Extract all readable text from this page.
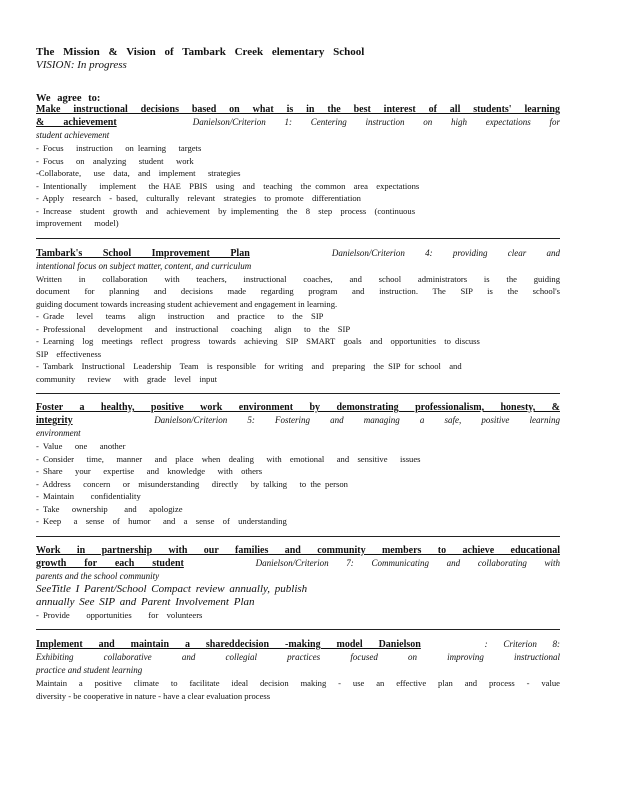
The Mission & Vision of Tambark Creek elementary School
VISION: In progress
We agree to:
Make instructional decisions based on what is in the best interest of all students' learning
& achievement	Danielson/Criterion 1: Centering instruction on high expectations for
student achievement
- Focus   instruction   on learning   targets
- Focus   on  analyzing   student   work
-Collaborate,   use  data,  and  implement   strategies
- Intentionally   implement   the HAE  PBIS  using  and  teaching  the common  area  expectations
- Apply  research  - based,  culturally  relevant  strategies  to promote  differentiation
- Increase  student  growth  and  achievement  by implementing  the  8  step  process  (continuous
improvement   model)
Tambark's School Improvement Plan	Danielson/Criterion 4: providing clear and
intentional focus on subject matter, content, and curriculum
Written in collaboration with teachers, instructional coaches, and school administrators is the guiding
document for planning and decisions made regarding program and instruction. The SIP is the school's
guiding document towards increasing student achievement and engagement in learning.
- Grade   level   teams   align   instruction   and  practice   to  the  SIP
- Professional   development   and  instructional   coaching   align   to  the  SIP
- Learning  log  meetings  reflect  progress  towards  achieving  SIP  SMART  goals  and  opportunities  to discuss
SIP  effectiveness
- Tambark  Instructional  Leadership  Team  is responsible  for writing  and  preparing  the SIP for school  and
community   review   with  grade  level  input
Foster a healthy, positive work environment by demonstrating professionalism, honesty, &
integrity	Danielson/Criterion 5: Fostering and managing a safe, positive learning
environment
- Value   one   another
- Consider   time,   manner   and  place  when  dealing   with  emotional   and  sensitive   issues
- Share   your   expertise   and  knowledge   with  others
- Address   concern   or  misunderstanding   directly   by talking   to the person
- Maintain    confidentiality
- Take   ownership    and   apologize
- Keep   a  sense  of  humor   and  a  sense  of  understanding
Work in partnership with our families and community members to achieve educational
growth for each student	Danielson/Criterion 7: Communicating and collaborating with
parents and the school community
SeeTitle I Parent/School Compact review annually, publish
annually See SIP and Parent Involvement Plan
- Provide    opportunities    for  volunteers
Implement and maintain a shareddecision -making model Danielson	: Criterion 8:
Exhibiting collaborative and collegial practices focused on improving instructional
practice and student learning
Maintain a positive climate to facilitate ideal decision making - use an effective plan and process - value
diversity - be cooperative in nature - have a clear evaluation process
